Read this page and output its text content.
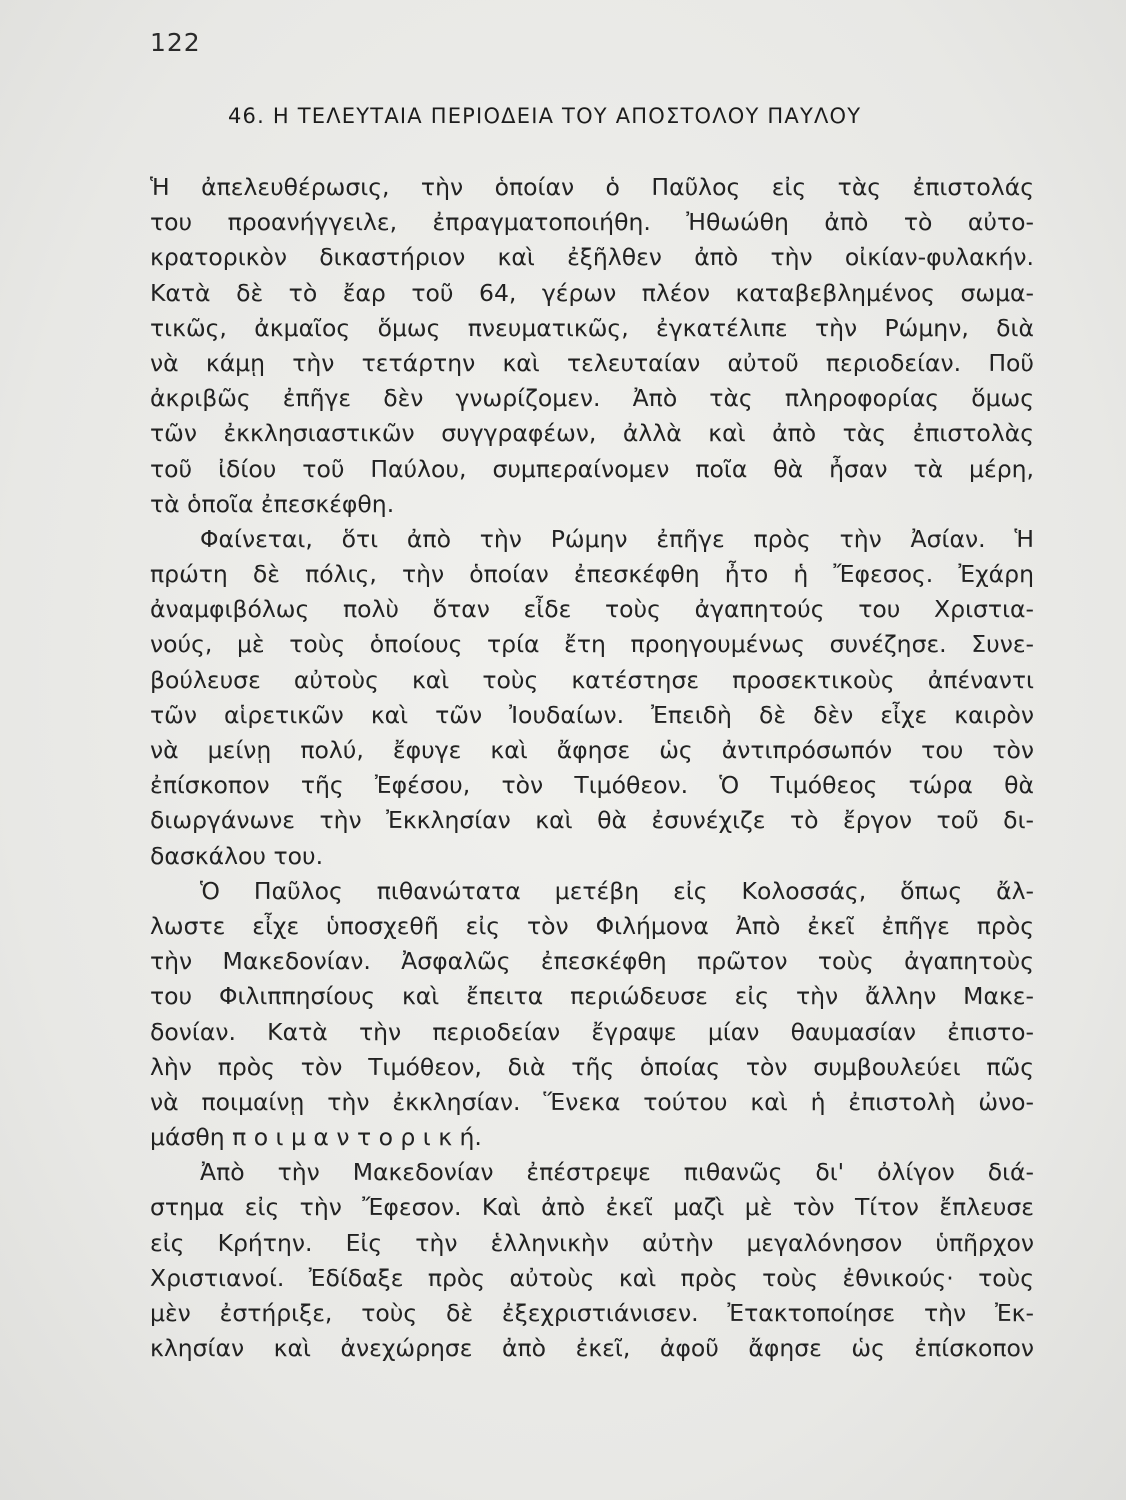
122
46. Η ΤΕΛΕΥΤΑΙΑ ΠΕΡΙΟΔΕΙΑ ΤΟΥ ΑΠΟΣΤΟΛΟΥ ΠΑΥΛΟΥ
Ἡ ἀπελευθέρωσις, τὴν ὁποίαν ὁ Παῦλος εἰς τὰς ἐπιστολάς
του προανήγγειλε, ἐπραγματοποιήθη. Ἠθωώθη ἀπὸ τὸ αὐτο-
κρατορικὸν δικαστήριον καὶ ἐξῆλθεν ἀπὸ τὴν οἰκίαν-φυλακήν.
Κατὰ δὲ τὸ ἔαρ τοῦ 64, γέρων πλέον καταβεβλημένος σωμα-
τικῶς, ἀκμαῖος ὅμως πνευματικῶς, ἐγκατέλιπε τὴν Ρώμην, διὰ
νὰ κάμῃ τὴν τετάρτην καὶ τελευταίαν αὐτοῦ περιοδείαν. Ποῦ
ἀκριβῶς ἐπῆγε δὲν γνωρίζομεν. Ἀπὸ τὰς πληροφορίας ὅμως
τῶν ἐκκλησιαστικῶν συγγραφέων, ἀλλὰ καὶ ἀπὸ τὰς ἐπιστολὰς
τοῦ ἰδίου τοῦ Παύλου, συμπεραίνομεν ποῖα θὰ ἦσαν τὰ μέρη,
τὰ ὁποῖα ἐπεσκέφθη.
Φαίνεται, ὅτι ἀπὸ τὴν Ρώμην ἐπῆγε πρὸς τὴν Ἀσίαν. Ἡ
πρώτη δὲ πόλις, τὴν ὁποίαν ἐπεσκέφθη ἦτο ἡ Ἔφεσος. Ἐχάρη
ἀναμφιβόλως πολὺ ὅταν εἶδε τοὺς ἀγαπητούς του Χριστια-
νούς, μὲ τοὺς ὁποίους τρία ἔτη προηγουμένως συνέζησε. Συνε-
βούλευσε αὐτοὺς καὶ τοὺς κατέστησε προσεκτικοὺς ἀπέναντι
τῶν αἱρετικῶν καὶ τῶν Ἰουδαίων. Ἐπειδὴ δὲ δὲν εἶχε καιρὸν
νὰ μείνῃ πολύ, ἔφυγε καὶ ἄφησε ὡς ἀντιπρόσωπόν του τὸν
ἐπίσκοπον τῆς Ἐφέσου, τὸν Τιμόθεον. Ὁ Τιμόθεος τώρα θὰ
διωργάνωνε τὴν Ἐκκλησίαν καὶ θὰ ἐσυνέχιζε τὸ ἔργον τοῦ δι-
δασκάλου του.
Ὁ Παῦλος πιθανώτατα μετέβη εἰς Κολοσσάς, ὅπως ἄλ-
λωστε εἶχε ὑποσχεθῆ εἰς τὸν Φιλήμονα Ἀπὸ ἐκεῖ ἐπῆγε πρὸς
τὴν Μακεδονίαν. Ἀσφαλῶς ἐπεσκέφθη πρῶτον τοὺς ἀγαπητοὺς
του Φιλιππησίους καὶ ἔπειτα περιώδευσε εἰς τὴν ἄλλην Μακε-
δονίαν. Κατὰ τὴν περιοδείαν ἔγραψε μίαν θαυμασίαν ἐπιστο-
λὴν πρὸς τὸν Τιμόθεον, διὰ τῆς ὁποίας τὸν συμβουλεύει πῶς
νὰ ποιμαίνῃ τὴν ἐκκλησίαν. Ἕνεκα τούτου καὶ ἡ ἐπιστολὴ ὠνο-
μάσθη π ο ι μ α ν τ ο ρ ι κ ή.
Ἀπὸ τὴν Μακεδονίαν ἐπέστρεψε πιθανῶς δι' ὀλίγον διά-
στημα εἰς τὴν Ἔφεσον. Καὶ ἀπὸ ἐκεῖ μαζὶ μὲ τὸν Τίτον ἔπλευσε
εἰς Κρήτην. Εἰς τὴν ἑλληνικὴν αὐτὴν μεγαλόνησον ὑπῆρχον
Χριστιανοί. Ἐδίδαξε πρὸς αὐτοὺς καὶ πρὸς τοὺς ἐθνικούς· τοὺς
μὲν ἐστήριξε, τοὺς δὲ ἐξεχριστιάνισεν. Ἐτακτοποίησε τὴν Ἐκ-
κλησίαν καὶ ἀνεχώρησε ἀπὸ ἐκεῖ, ἀφοῦ ἄφησε ὡς ἐπίσκοπον
